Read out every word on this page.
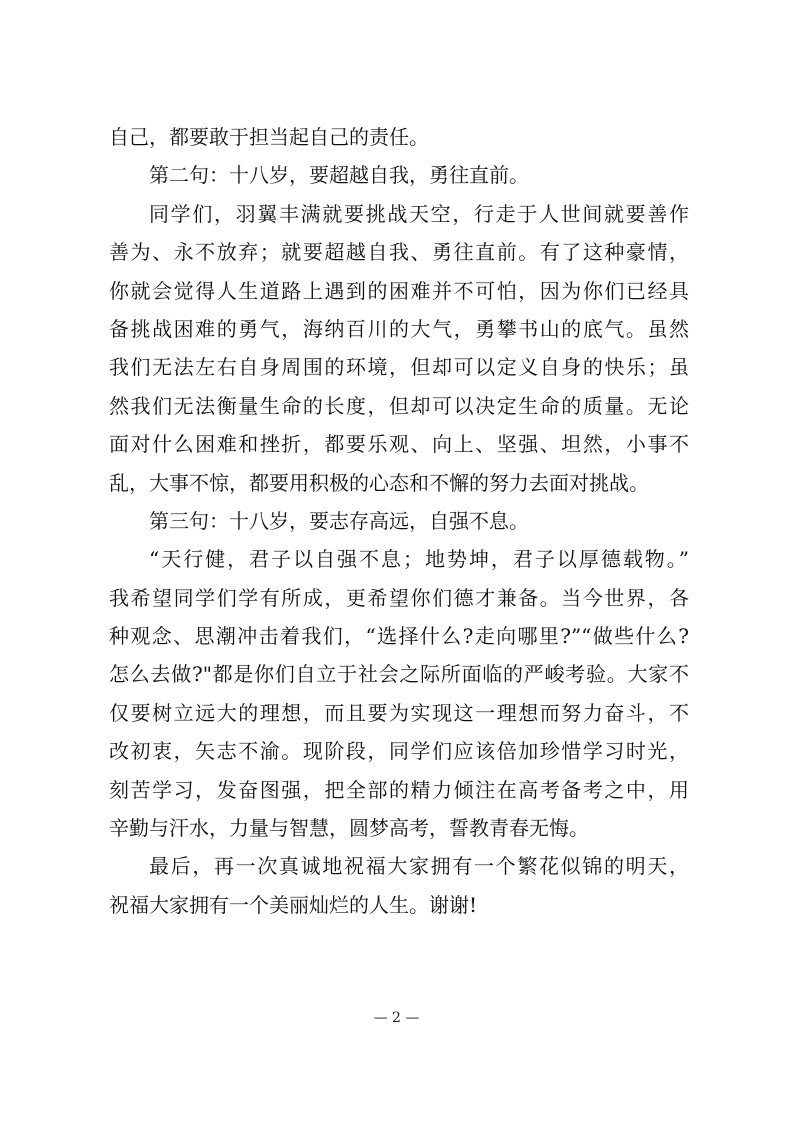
自己，都要敢于担当起自己的责任。
第二句：十八岁，要超越自我，勇往直前。
同学们，羽翼丰满就要挑战天空，行走于人世间就要善作
善为、永不放弃；就要超越自我、勇往直前。有了这种豪情，
你就会觉得人生道路上遇到的困难并不可怕，因为你们已经具
备挑战困难的勇气，海纳百川的大气，勇攀书山的底气。虽然
我们无法左右自身周围的环境，但却可以定义自身的快乐；虽
然我们无法衡量生命的长度，但却可以决定生命的质量。无论
面对什么困难和挫折，都要乐观、向上、坚强、坦然，小事不
乱，大事不惊，都要用积极的心态和不懈的努力去面对挑战。
第三句：十八岁，要志存高远，自强不息。
“天行健，君子以自强不息；地势坤，君子以厚德载物。”
我希望同学们学有所成，更希望你们德才兼备。当今世界，各
种观念、思潮冲击着我们，“选择什么?走向哪里?”“做些什么?
怎么去做?"都是你们自立于社会之际所面临的严峻考验。大家不
仅要树立远大的理想，而且要为实现这一理想而努力奋斗，不
改初衷，矢志不渝。现阶段，同学们应该倍加珍惜学习时光，
刻苦学习，发奋图强，把全部的精力倾注在高考备考之中，用
辛勤与汗水，力量与智慧，圆梦高考，誓教青春无悔。
最后，再一次真诚地祝福大家拥有一个繁花似锦的明天，
祝福大家拥有一个美丽灿烂的人生。谢谢!
— 2 —
